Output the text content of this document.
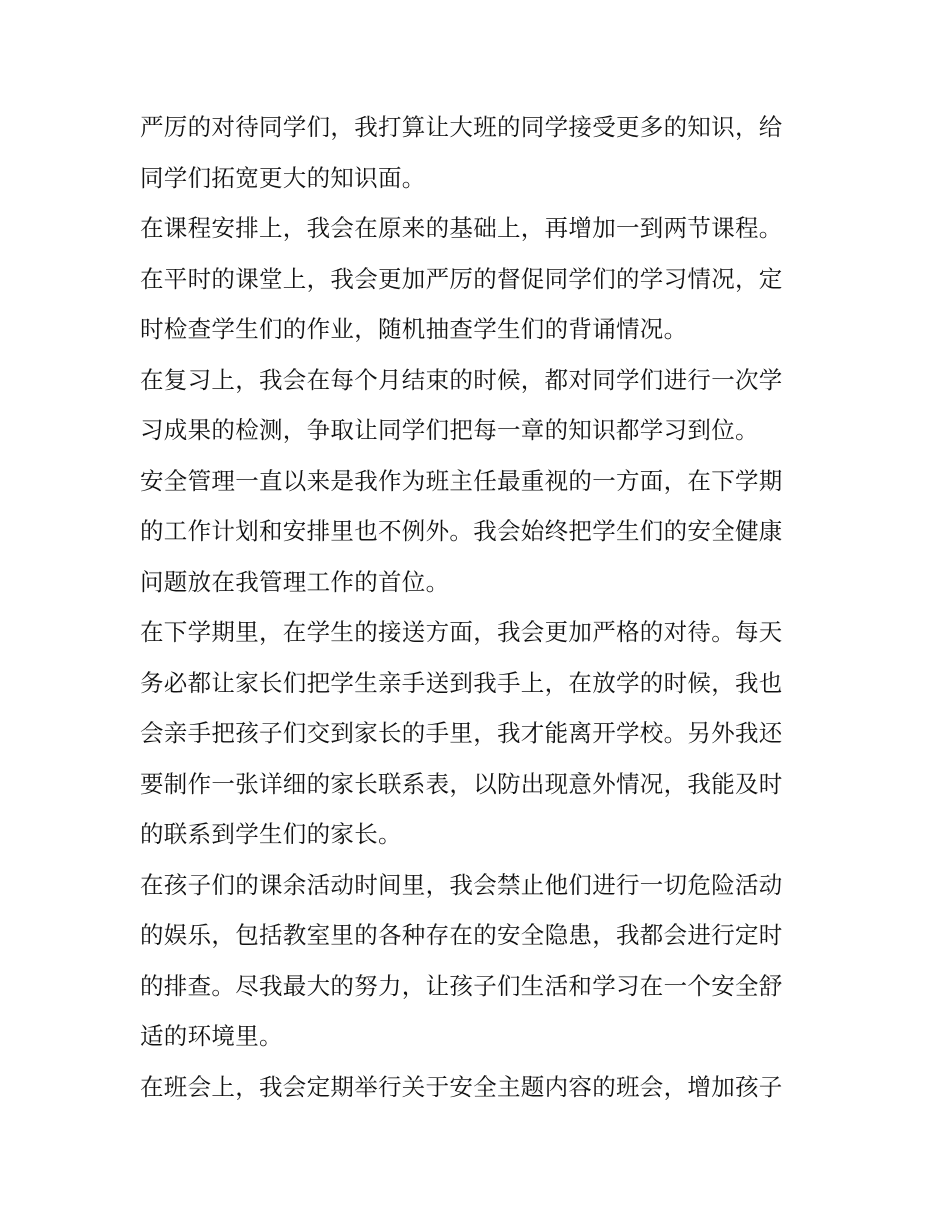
严厉的对待同学们，我打算让大班的同学接受更多的知识，给
同学们拓宽更大的知识面。
在课程安排上，我会在原来的基础上，再增加一到两节课程。
在平时的课堂上，我会更加严厉的督促同学们的学习情况，定
时检查学生们的作业，随机抽查学生们的背诵情况。
在复习上，我会在每个月结束的时候，都对同学们进行一次学
习成果的检测，争取让同学们把每一章的知识都学习到位。
安全管理一直以来是我作为班主任最重视的一方面，在下学期
的工作计划和安排里也不例外。我会始终把学生们的安全健康
问题放在我管理工作的首位。
在下学期里，在学生的接送方面，我会更加严格的对待。每天
务必都让家长们把学生亲手送到我手上，在放学的时候，我也
会亲手把孩子们交到家长的手里，我才能离开学校。另外我还
要制作一张详细的家长联系表，以防出现意外情况，我能及时
的联系到学生们的家长。
在孩子们的课余活动时间里，我会禁止他们进行一切危险活动
的娱乐，包括教室里的各种存在的安全隐患，我都会进行定时
的排查。尽我最大的努力，让孩子们生活和学习在一个安全舒
适的环境里。
在班会上，我会定期举行关于安全主题内容的班会，增加孩子
